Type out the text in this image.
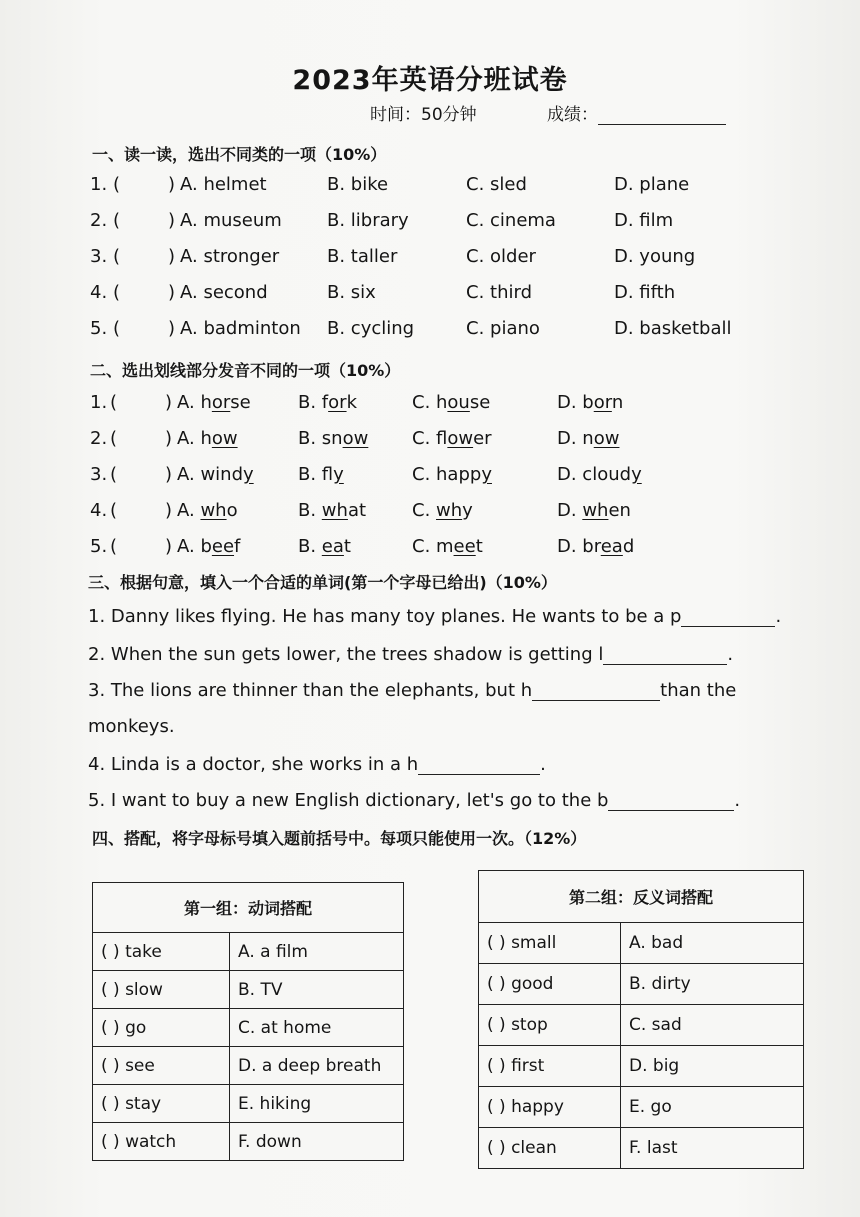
2023年英语分班试卷
时间：50分钟	成绩：
一、读一读，选出不同类的一项（10%）
1. (	) A. helmet	B. bike	C. sled	D. plane
2. (	) A. museum	B. library	C. cinema	D. film
3. (	) A. stronger	B. taller	C. older	D. young
4. (	) A. second	B. six	C. third	D. fifth
5. (	) A. badminton B. cycling	C. piano	D. basketball
二、选出划线部分发音不同的一项（10%）
1. (	) A. horse	B. fork	C. house	D. born
2. (	) A. how	B. snow C. flower	D. now
3. (	) A. windy B. fly	C. happy	D. cloudy
4. (	) A. who	B. what	C. why	D. when
5. (	) A. beef	B. eat	C. meet	D. bread
三、根据句意，填入一个合适的单词(第一个字母已给出)（10%）
1. Danny likes flying. He has many toy planes. He wants to be a p	.
2. When the sun gets lower, the trees shadow is getting l	.
3. The lions are thinner than the elephants, but h	than the
monkeys.
4. Linda is a doctor, she works in a h	.
5. I want to buy a new English dictionary, let's go to the b	.
四、搭配，将字母标号填入题前括号中。每项只能使用一次。（12%）
第一组：动词搭配	
( ) take	A. a film
( ) slow	B. TV
( ) go	C. at home
( ) see	D. a deep breath
( ) stay	E. hiking
( ) watch	F. down
第二组：反义词搭配	
( ) small	A. bad
( ) good	B. dirty
( ) stop	C. sad
( ) first	D. big
( ) happy	E. go
( ) clean	F. last
